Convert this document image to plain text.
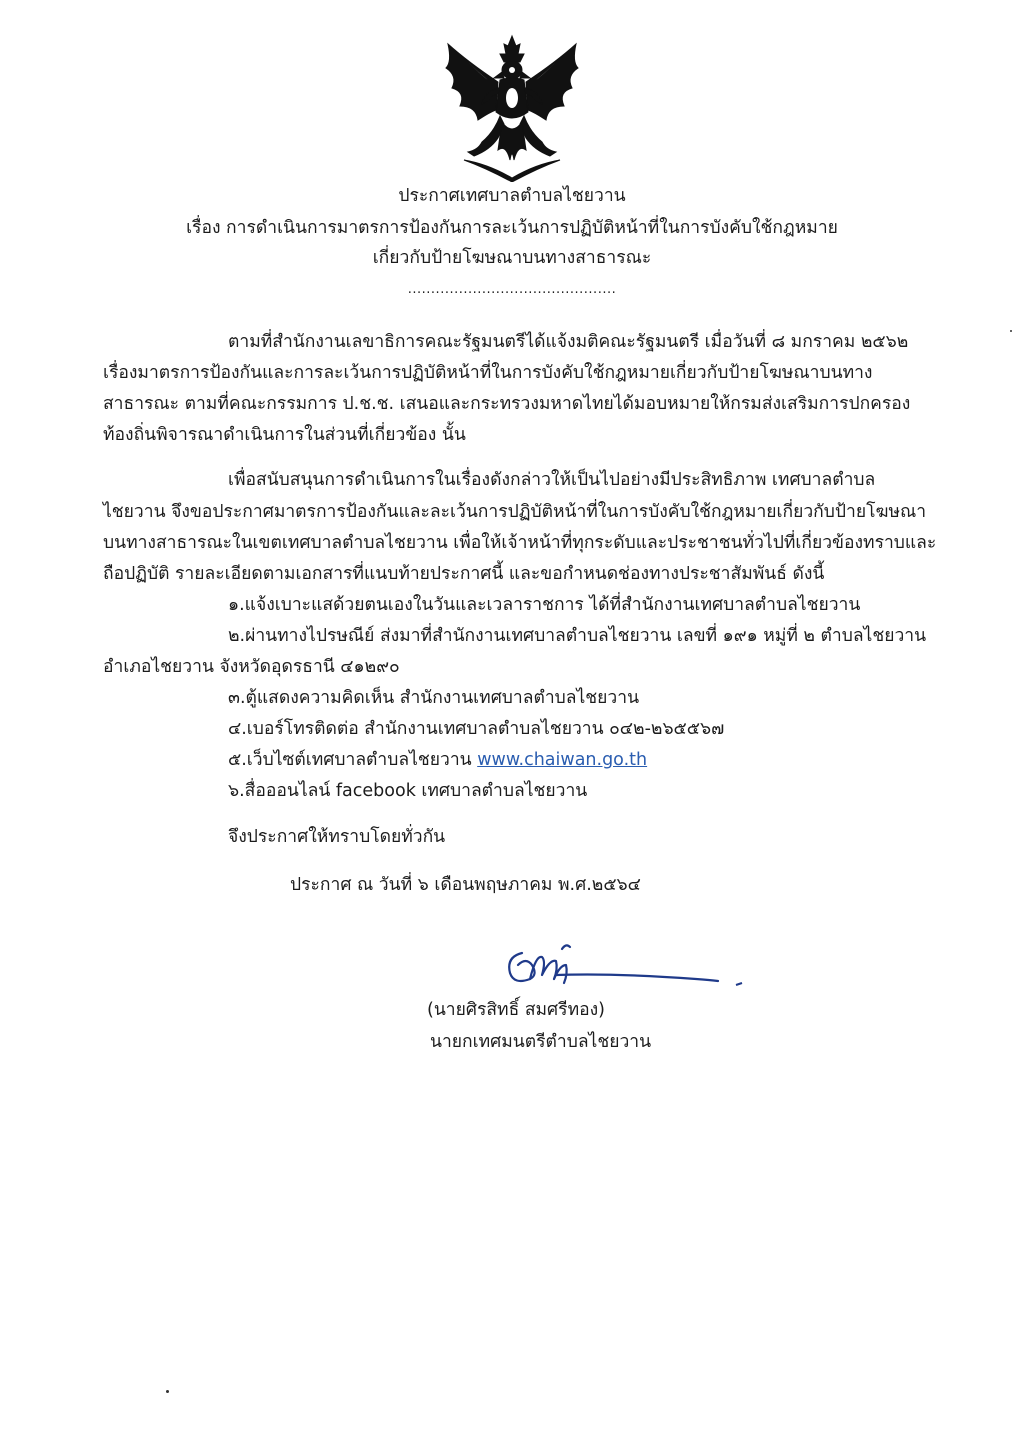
ประกาศเทศบาลตำบลไชยวาน
เรื่อง การดำเนินการมาตรการป้องกันการละเว้นการปฏิบัติหน้าที่ในการบังคับใช้กฎหมาย
เกี่ยวกับป้ายโฆษณาบนทางสาธารณะ
.............................................
ตามที่สำนักงานเลขาธิการคณะรัฐมนตรีได้แจ้งมติคณะรัฐมนตรี เมื่อวันที่ ๘ มกราคม ๒๕๖๒
เรื่องมาตรการป้องกันและการละเว้นการปฏิบัติหน้าที่ในการบังคับใช้กฎหมายเกี่ยวกับป้ายโฆษณาบนทาง
สาธารณะ ตามที่คณะกรรมการ ป.ช.ช. เสนอและกระทรวงมหาดไทยได้มอบหมายให้กรมส่งเสริมการปกครอง
ท้องถิ่นพิจารณาดำเนินการในส่วนที่เกี่ยวข้อง นั้น
เพื่อสนับสนุนการดำเนินการในเรื่องดังกล่าวให้เป็นไปอย่างมีประสิทธิภาพ เทศบาลตำบล
ไชยวาน จึงขอประกาศมาตรการป้องกันและละเว้นการปฏิบัติหน้าที่ในการบังคับใช้กฎหมายเกี่ยวกับป้ายโฆษณา
บนทางสาธารณะในเขตเทศบาลตำบลไชยวาน เพื่อให้เจ้าหน้าที่ทุกระดับและประชาชนทั่วไปที่เกี่ยวข้องทราบและ
ถือปฏิบัติ รายละเอียดตามเอกสารที่แนบท้ายประกาศนี้ และขอกำหนดช่องทางประชาสัมพันธ์ ดังนี้
๑.แจ้งเบาะแสด้วยตนเองในวันและเวลาราชการ ได้ที่สำนักงานเทศบาลตำบลไชยวาน
๒.ผ่านทางไปรษณีย์ ส่งมาที่สำนักงานเทศบาลตำบลไชยวาน เลขที่ ๑๙๑ หมู่ที่ ๒ ตำบลไชยวาน
อำเภอไชยวาน จังหวัดอุดรธานี ๔๑๒๙๐
๓.ตู้แสดงความคิดเห็น สำนักงานเทศบาลตำบลไชยวาน
๔.เบอร์โทรติดต่อ สำนักงานเทศบาลตำบลไชยวาน ๐๔๒-๒๖๕๕๖๗
๕.เว็บไซต์เทศบาลตำบลไชยวาน www.chaiwan.go.th
๖.สื่อออนไลน์ facebook เทศบาลตำบลไชยวาน
จึงประกาศให้ทราบโดยทั่วกัน
ประกาศ ณ วันที่ ๖ เดือนพฤษภาคม พ.ศ.๒๕๖๔
(นายศิรสิทธิ์ สมศรีทอง)
นายกเทศมนตรีตำบลไชยวาน
